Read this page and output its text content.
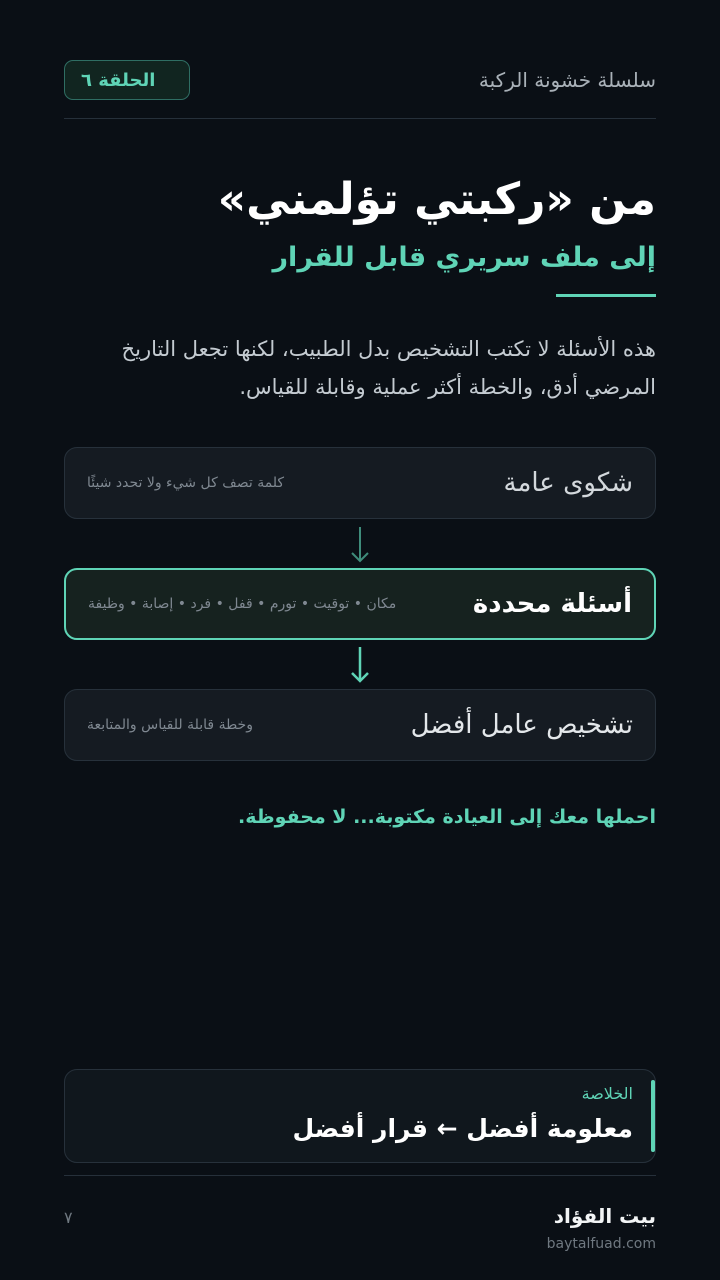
سلسلة خشونة الركبة
الحلقة ٦
من «ركبتي تؤلمني»
إلى ملف سريري قابل للقرار
هذه الأسئلة لا تكتب التشخيص بدل الطبيب، لكنها تجعل التاريخ المرضي أدق، والخطة أكثر عملية وقابلة للقياس.
شكوى عامة
كلمة تصف كل شيء ولا تحدد شيئًا
أسئلة محددة
مكان • توقيت • تورم • قفل • فرد • إصابة • وظيفة
تشخيص عامل أفضل
وخطة قابلة للقياس والمتابعة
احملها معك إلى العيادة مكتوبة... لا محفوظة.
الخلاصة
معلومة أفضل ← قرار أفضل
بيت الفؤاد
baytalfuad.com
٧
